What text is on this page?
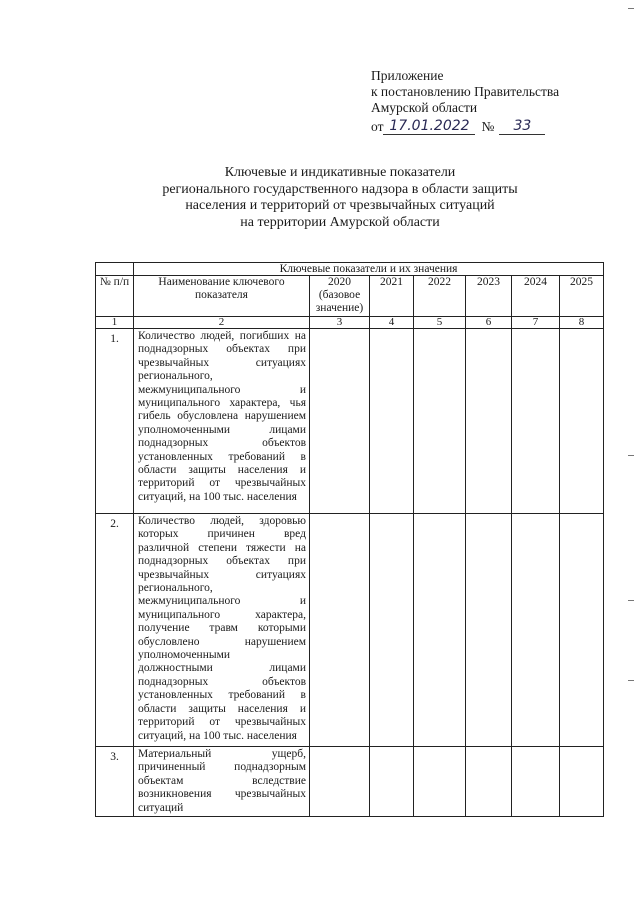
Приложение
к постановлению Правительства
Амурской области
от 17.01.2022 №	33
Ключевые и индикативные показатели
регионального государственного надзора в области защиты
населения и территорий от чрезвычайных ситуаций
на территории Амурской области
	Ключевые показатели и их значения						
№ п/п	Наименование ключевого показателя	2020 (базовое значение)	2021	2022	2023	2024	2025
1	2	3	4	5	6	7	8
1.	Количество людей, погибших на поднадзорных объектах при чрезвычайных ситуациях регионального, межмуниципального и муниципального характера, чья гибель обусловлена нарушением уполномоченными лицами поднадзорных объектов установленных требований в области защиты населения и территорий от чрезвычайных ситуаций, на 100 тыс. населения						
2.	Количество людей, здоровью которых причинен вред различной степени тяжести на поднадзорных объектах при чрезвычайных ситуациях регионального, межмуниципального и муниципального характера, получение травм которыми обусловлено нарушением уполномоченными должностными лицами поднадзорных объектов установленных требований в области защиты населения и территорий от чрезвычайных ситуаций, на 100 тыс. населения						
3.	Материальный ущерб, причиненный поднадзорным объектам вследствие возникновения чрезвычайных ситуаций						
